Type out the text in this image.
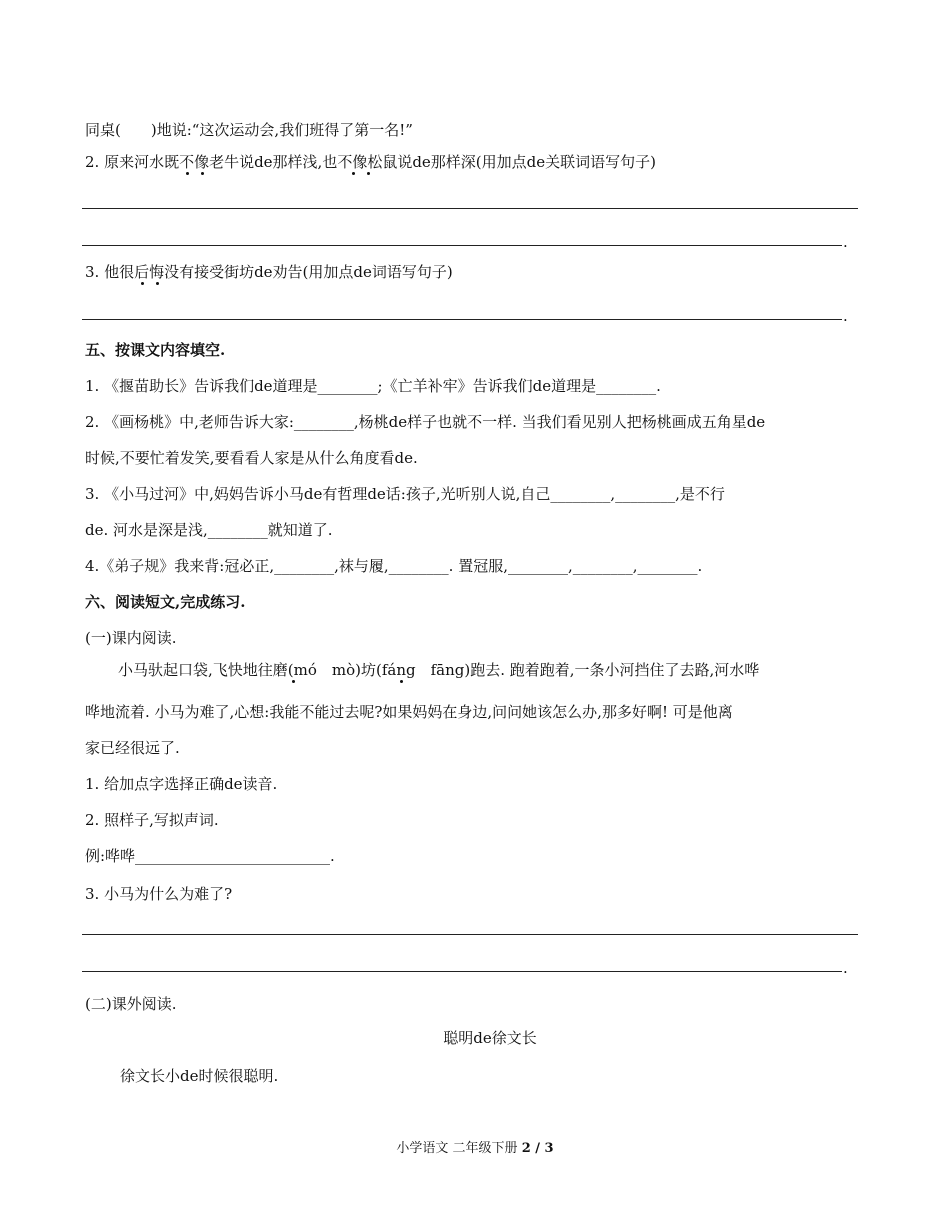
同桌(　　)地说:“这次运动会,我们班得了第一名!”
2. 原来河水既不像老牛说de那样浅,也不像松鼠说de那样深(用加点de关联词语写句子)
.
3. 他很后悔没有接受街坊de劝告(用加点de词语写句子)
.
五、按课文内容填空.
1. 《揠苗助长》告诉我们de道理是________;《亡羊补牢》告诉我们de道理是________.
2. 《画杨桃》中,老师告诉大家:________,杨桃de样子也就不一样. 当我们看见别人把杨桃画成五角星de
时候,不要忙着发笑,要看看人家是从什么角度看de.
3. 《小马过河》中,妈妈告诉小马de有哲理de话:孩子,光听别人说,自己________,________,是不行
de. 河水是深是浅,________就知道了.
4.《弟子规》我来背:冠必正,________,袜与履,________. 置冠服,________,________,________.
六、阅读短文,完成练习.
(一)课内阅读.
小马驮起口袋,飞快地往磨(mó　mò)坊(fáng　fāng)跑去. 跑着跑着,一条小河挡住了去路,河水哗
哗地流着. 小马为难了,心想:我能不能过去呢?如果妈妈在身边,问问她该怎么办,那多好啊! 可是他离
家已经很远了.
1. 给加点字选择正确de读音.
2. 照样子,写拟声词.
例:哗哗__________________________.
3. 小马为什么为难了?
.
(二)课外阅读.
聪明de徐文长
徐文长小de时候很聪明.
小学语文 二年级下册 2 / 3
